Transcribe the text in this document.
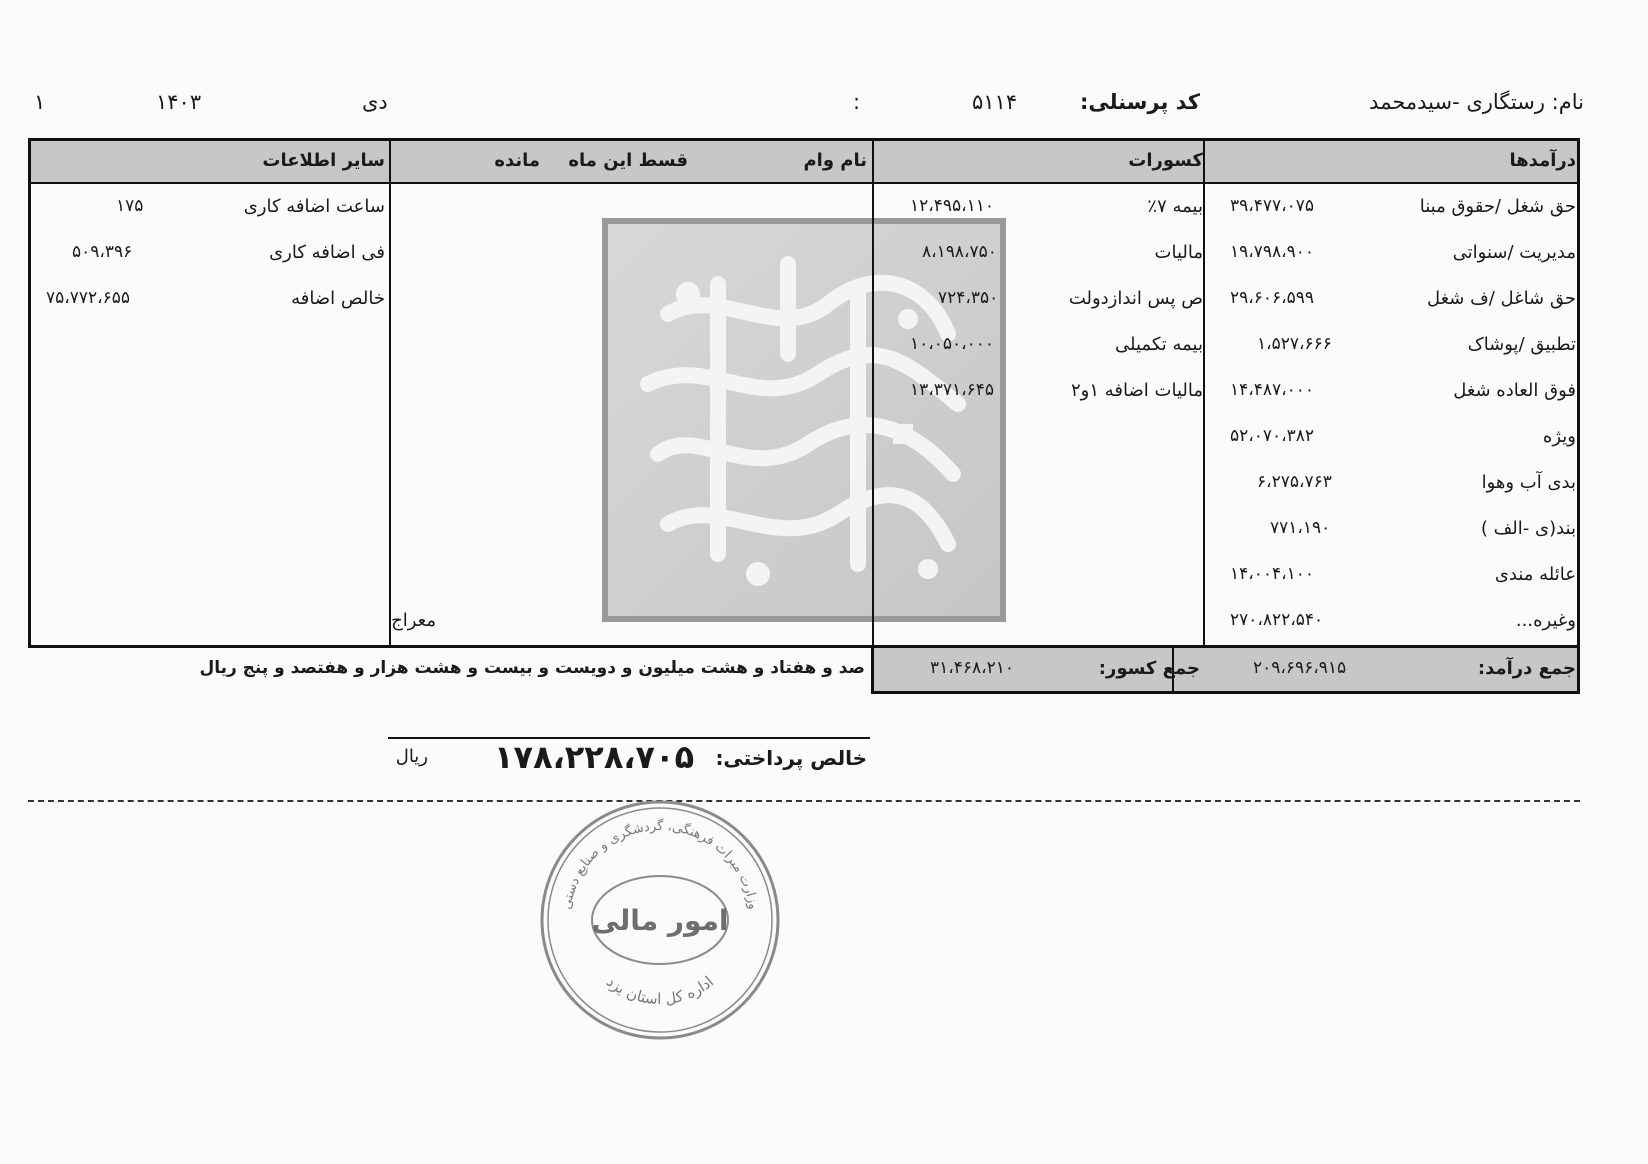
نام: رستگاری -سیدمحمد
کد پرسنلی:
۵۱۱۴
:
دی
۱۴۰۳
۱
درآمدها
کسورات
نام وام
قسط این ماه
مانده
سایر اطلاعات
حق شغل /حقوق مبنا
۳۹،۴۷۷،۰۷۵
مدیریت /سنواتی
۱۹،۷۹۸،۹۰۰
حق شاغل /ف شغل
۲۹،۶۰۶،۵۹۹
تطبیق /پوشاک
۱،۵۲۷،۶۶۶
فوق العاده شغل
۱۴،۴۸۷،۰۰۰
ویژه
۵۲،۰۷۰،۳۸۲
بدی آب وهوا
۶،۲۷۵،۷۶۳
بند(ی -الف )
۷۷۱،۱۹۰
عائله مندی
۱۴،۰۰۴،۱۰۰
وغیره...
۲۷۰،۸۲۲،۵۴۰
بیمه ۷٪
۱۲،۴۹۵،۱۱۰
مالیات
۸،۱۹۸،۷۵۰
ص پس اندازدولت
۷۲۴،۳۵۰
بیمه تکمیلی
۱۰،۰۵۰،۰۰۰
مالیات اضافه ۱و۲
۱۳،۳۷۱،۶۴۵
معراج
ساعت اضافه کاری
۱۷۵
فی اضافه کاری
۵۰۹،۳۹۶
خالص اضافه
۷۵،۷۷۲،۶۵۵
جمع درآمد:
۲۰۹،۶۹۶،۹۱۵
جمع کسور:
۳۱،۴۶۸،۲۱۰
صد و هفتاد و هشت میلیون و دویست و بیست و هشت هزار و هفتصد و پنج ریال
خالص پرداختی:
۱۷۸،۲۲۸،۷۰۵
ریال
وزارت میراث فرهنگی، گردشگری و صنایع دستی
اداره کل استان یزد
امور مالی
